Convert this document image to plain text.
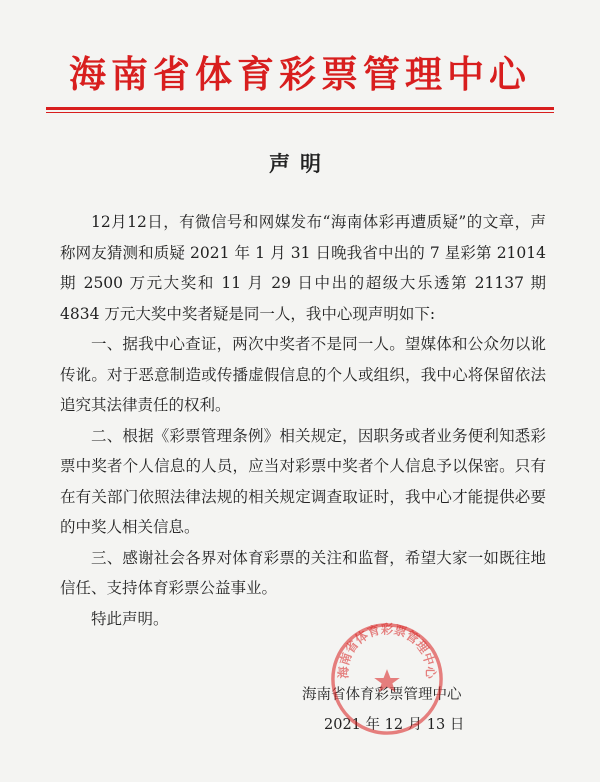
海南省体育彩票管理中心
声明

12月12日，有微信号和网媒发布“海南体彩再遭质疑”的文章，声称网友猜测和质疑 2021 年 1 月 31 日晚我省中出的 7 星彩第 21014 期 2500 万元大奖和 11 月 29 日中出的超级大乐透第 21137 期 4834 万元大奖中奖者疑是同一人，我中心现声明如下:

一、据我中心查证，两次中奖者不是同一人。望媒体和公众勿以讹传讹。对于恶意制造或传播虚假信息的个人或组织，我中心将保留依法追究其法律责任的权利。

二、根据《彩票管理条例》相关规定，因职务或者业务便利知悉彩票中奖者个人信息的人员，应当对彩票中奖者个人信息予以保密。只有在有关部门依照法律法规的相关规定调查取证时，我中心才能提供必要的中奖人相关信息。

三、感谢社会各界对体育彩票的关注和监督，希望大家一如既往地信任、支持体育彩票公益事业。

特此声明。

海南省体育彩票管理中心
2021 年 12 月 13 日
海南省体育彩票管理中心
